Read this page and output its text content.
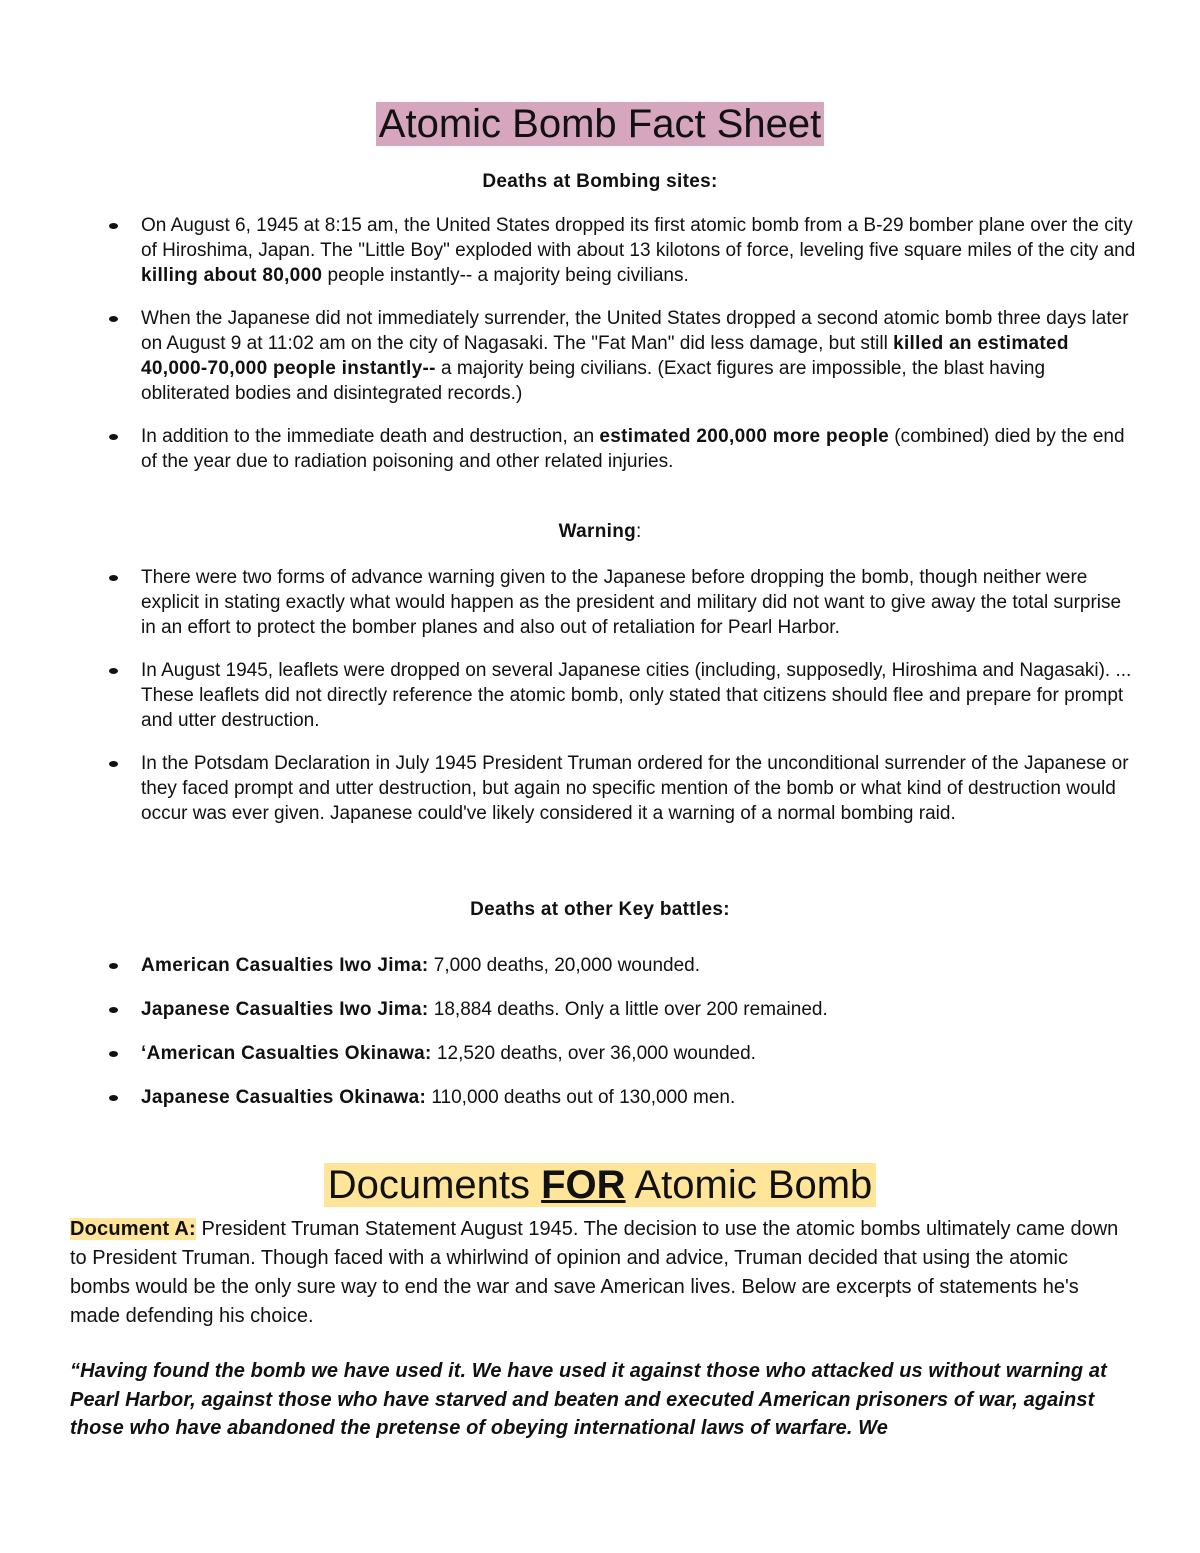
Atomic Bomb Fact Sheet
Deaths at Bombing sites:
On August 6, 1945 at 8:15 am, the United States dropped its first atomic bomb from a B-29 bomber plane over the city of Hiroshima, Japan. The "Little Boy" exploded with about 13 kilotons of force, leveling five square miles of the city and killing about 80,000 people instantly-- a majority being civilians.
When the Japanese did not immediately surrender, the United States dropped a second atomic bomb three days later on August 9 at 11:02 am on the city of Nagasaki. The "Fat Man" did less damage, but still killed an estimated 40,000-70,000 people instantly-- a majority being civilians. (Exact figures are impossible, the blast having obliterated bodies and disintegrated records.)
In addition to the immediate death and destruction, an estimated 200,000 more people (combined) died by the end of the year due to radiation poisoning and other related injuries.
Warning:
There were two forms of advance warning given to the Japanese before dropping the bomb, though neither were explicit in stating exactly what would happen as the president and military did not want to give away the total surprise in an effort to protect the bomber planes and also out of retaliation for Pearl Harbor.
In August 1945, leaflets were dropped on several Japanese cities (including, supposedly, Hiroshima and Nagasaki). ... These leaflets did not directly reference the atomic bomb, only stated that citizens should flee and prepare for prompt and utter destruction.
In the Potsdam Declaration in July 1945 President Truman ordered for the unconditional surrender of the Japanese or they faced prompt and utter destruction, but again no specific mention of the bomb or what kind of destruction would occur was ever given. Japanese could've likely considered it a warning of a normal bombing raid.
Deaths at other Key battles:
American Casualties Iwo Jima: 7,000 deaths, 20,000 wounded.
Japanese Casualties Iwo Jima: 18,884 deaths. Only a little over 200 remained.
‘American Casualties Okinawa: 12,520 deaths, over 36,000 wounded.
Japanese Casualties Okinawa: 110,000 deaths out of 130,000 men.
Documents FOR Atomic Bomb
Document A: President Truman Statement August 1945. The decision to use the atomic bombs ultimately came down to President Truman. Though faced with a whirlwind of opinion and advice, Truman decided that using the atomic bombs would be the only sure way to end the war and save American lives. Below are excerpts of statements he's made defending his choice.
“Having found the bomb we have used it. We have used it against those who attacked us without warning at Pearl Harbor, against those who have starved and beaten and executed American prisoners of war, against those who have abandoned the pretense of obeying international laws of warfare. We
